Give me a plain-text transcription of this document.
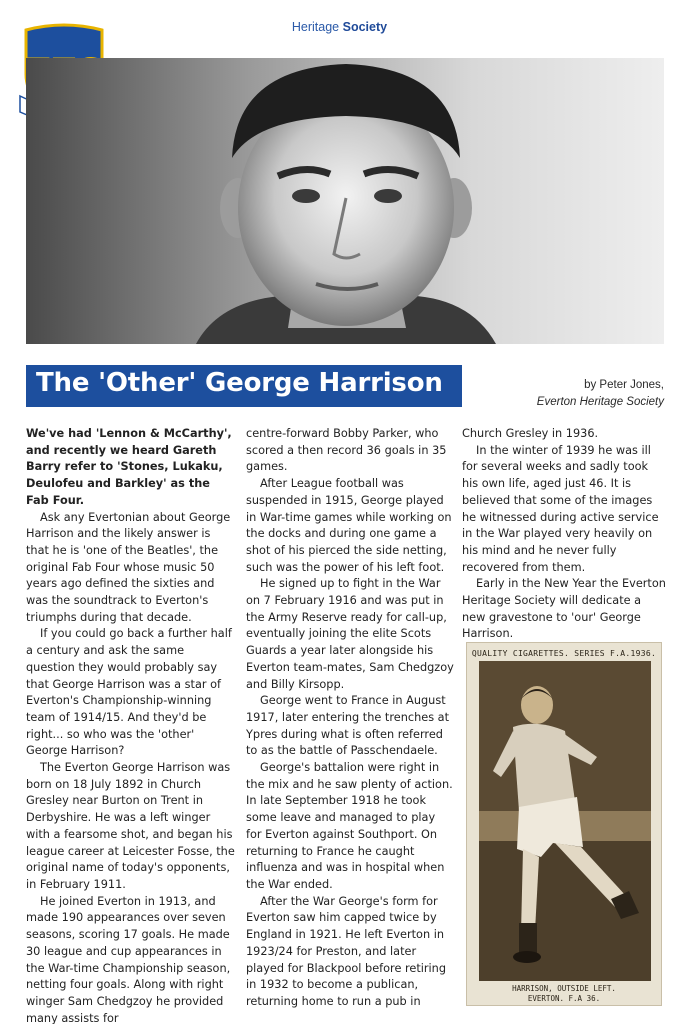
Heritage Society
The 'Other' George Harrison	by Peter Jones,
Everton Heritage Society

We've had 'Lennon & McCarthy', and recently we heard Gareth Barry refer to 'Stones, Lukaku, Deulofeu and Barkley' as the Fab Four.

Ask any Evertonian about George Harrison and the likely answer is that he is 'one of the Beatles', the original Fab Four whose music 50 years ago defined the sixties and was the soundtrack to Everton's triumphs during that decade.

If you could go back a further half a century and ask the same question they would probably say that George Harrison was a star of Everton's Championship-winning team of 1914/15. And they'd be right... so who was the 'other' George Harrison?

The Everton George Harrison was born on 18 July 1892 in Church Gresley near Burton on Trent in Derbyshire. He was a left winger with a fearsome shot, and began his league career at Leicester Fosse, the original name of today's opponents, in February 1911.

He joined Everton in 1913, and made 190 appearances over seven seasons, scoring 17 goals. He made 30 league and cup appearances in the War-time Championship season, netting four goals. Along with right winger Sam Chedgzoy he provided many assists for

centre-forward Bobby Parker, who scored a then record 36 goals in 35 games.

After League football was suspended in 1915, George played in War-time games while working on the docks and during one game a shot of his pierced the side netting, such was the power of his left foot.

He signed up to fight in the War on 7 February 1916 and was put in the Army Reserve ready for call-up, eventually joining the elite Scots Guards a year later alongside his Everton team-mates, Sam Chedgzoy and Billy Kirsopp.

George went to France in August 1917, later entering the trenches at Ypres during what is often referred to as the battle of Passchendaele.

George's battalion were right in the mix and he saw plenty of action. In late September 1918 he took some leave and managed to play for Everton against Southport. On returning to France he caught influenza and was in hospital when the War ended.

After the War George's form for Everton saw him capped twice by England in 1921. He left Everton in 1923/24 for Preston, and later played for Blackpool before retiring in 1932 to become a publican, returning home to run a pub in

Church Gresley in 1936.

In the winter of 1939 he was ill for several weeks and sadly took his own life, aged just 46. It is believed that some of the images he witnessed during active service in the War played very heavily on his mind and he never fully recovered from them.

Early in the New Year the Everton Heritage Society will dedicate a new gravestone to 'our' George Harrison.

QUALITY CIGARETTES. SERIES F.A.1936.
HARRISON, OUTSIDE LEFT.
EVERTON. F.A 36.
